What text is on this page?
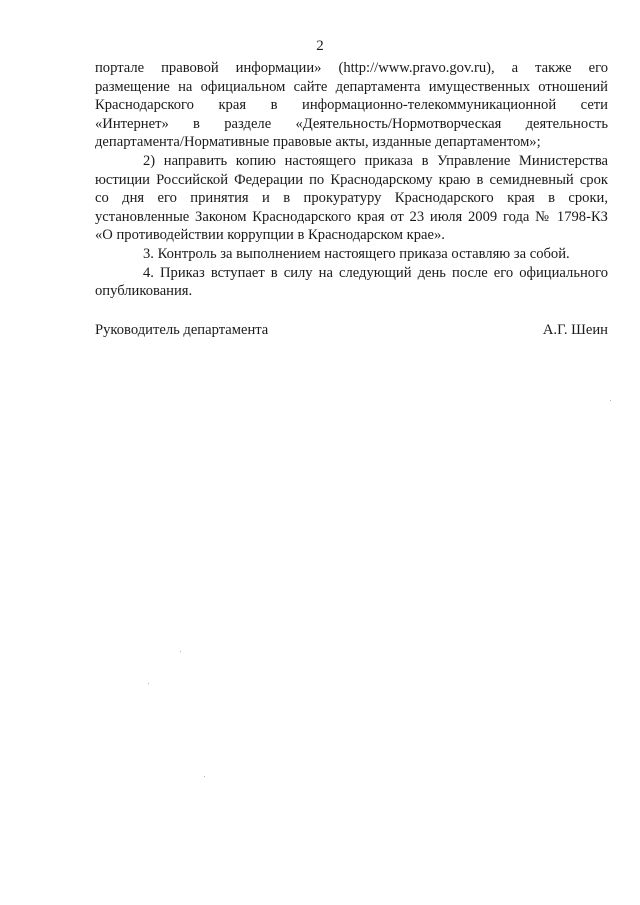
2

порталe правовой информации» (http://www.pravo.gov.ru), а также его
размещение на официальном сайте департамента имущественных отношений
Краснодарского края в информационно-телекоммуникационной сети
«Интернет» в разделе «Деятельность/Нормотворческая деятельность
департамента/Нормативные правовые акты, изданные департаментом»;

2) направить копию настоящего приказа в Управление Министерства
юстиции Российской Федерации по Краснодарскому краю в семидневный срок
со дня его принятия и в прокуратуру Краснодарского края в сроки,
установленные Законом Краснодарского края от 23 июля 2009 года № 1798-КЗ
«О противодействии коррупции в Краснодарском крае».

3. Контроль за выполнением настоящего приказа оставляю за собой.

4. Приказ вступает в силу на следующий день после его официального
опубликования.

Руководитель департамента	А.Г. Шеин
